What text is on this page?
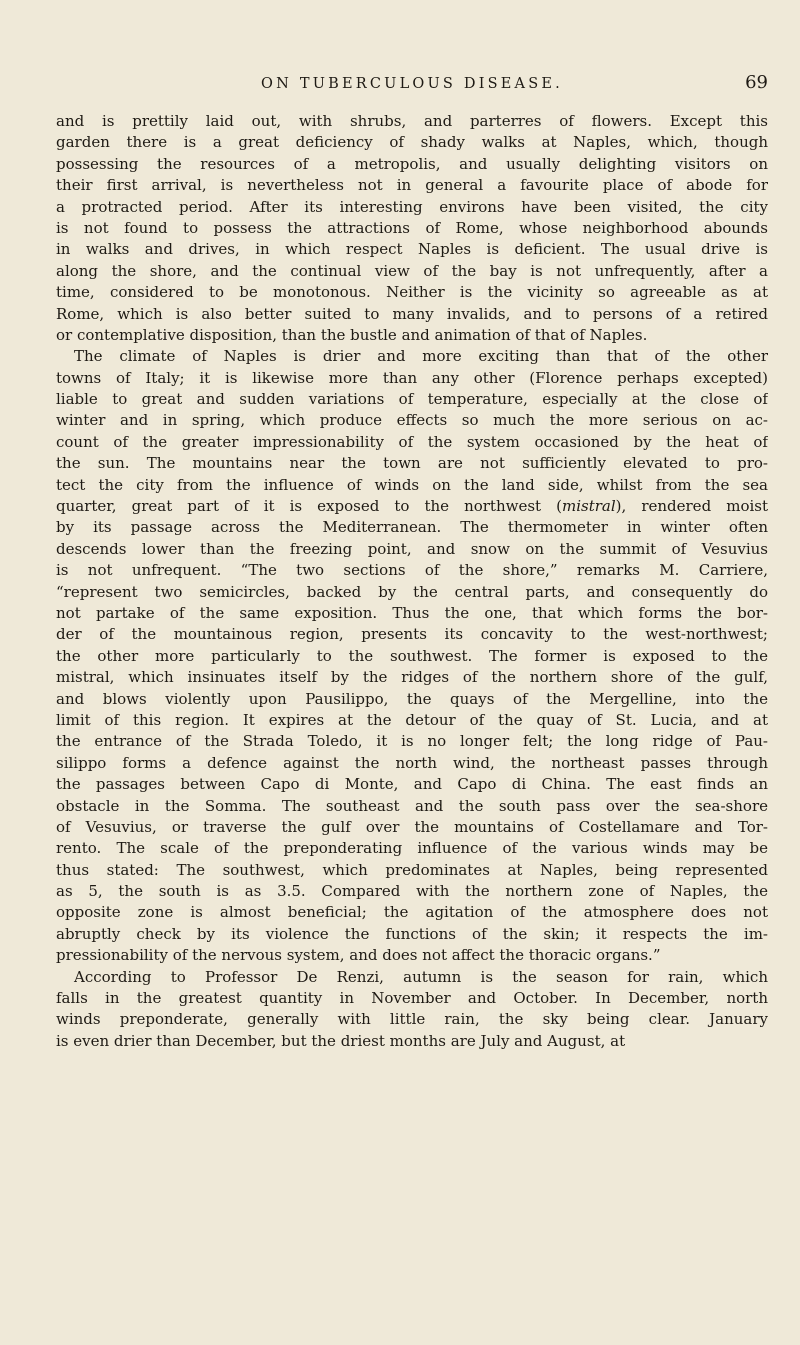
ON TUBERCULOUS DISEASE.	69
and is prettily laid out, with shrubs, and parterres of flowers. Except this
garden there is a great deficiency of shady walks at Naples, which, though
possessing the resources of a metropolis, and usually delighting visitors on
their first arrival, is nevertheless not in general a favourite place of abode for
a protracted period. After its interesting environs have been visited, the city
is not found to possess the attractions of Rome, whose neighborhood abounds
in walks and drives, in which respect Naples is deficient. The usual drive is
along the shore, and the continual view of the bay is not unfrequently, after a
time, considered to be monotonous. Neither is the vicinity so agreeable as at
Rome, which is also better suited to many invalids, and to persons of a retired
or contemplative disposition, than the bustle and animation of that of Naples.
The climate of Naples is drier and more exciting than that of the other
towns of Italy; it is likewise more than any other (Florence perhaps excepted)
liable to great and sudden variations of temperature, especially at the close of
winter and in spring, which produce effects so much the more serious on ac-
count of the greater impressionability of the system occasioned by the heat of
the sun. The mountains near the town are not sufficiently elevated to pro-
tect the city from the influence of winds on the land side, whilst from the sea
quarter, great part of it is exposed to the northwest (mistral), rendered moist
by its passage across the Mediterranean. The thermometer in winter often
descends lower than the freezing point, and snow on the summit of Vesuvius
is not unfrequent. “The two sections of the shore,” remarks M. Carriere,
“represent two semicircles, backed by the central parts, and consequently do
not partake of the same exposition. Thus the one, that which forms the bor-
der of the mountainous region, presents its concavity to the west-northwest;
the other more particularly to the southwest. The former is exposed to the
mistral, which insinuates itself by the ridges of the northern shore of the gulf,
and blows violently upon Pausilippo, the quays of the Mergelline, into the
limit of this region. It expires at the detour of the quay of St. Lucia, and at
the entrance of the Strada Toledo, it is no longer felt; the long ridge of Pau-
silippo forms a defence against the north wind, the northeast passes through
the passages between Capo di Monte, and Capo di China. The east finds an
obstacle in the Somma. The southeast and the south pass over the sea-shore
of Vesuvius, or traverse the gulf over the mountains of Costellamare and Tor-
rento. The scale of the preponderating influence of the various winds may be
thus stated: The southwest, which predominates at Naples, being represented
as 5, the south is as 3.5. Compared with the northern zone of Naples, the
opposite zone is almost beneficial; the agitation of the atmosphere does not
abruptly check by its violence the functions of the skin; it respects the im-
pressionability of the nervous system, and does not affect the thoracic organs.”
According to Professor De Renzi, autumn is the season for rain, which
falls in the greatest quantity in November and October. In December, north
winds preponderate, generally with little rain, the sky being clear. January
is even drier than December, but the driest months are July and August, at
